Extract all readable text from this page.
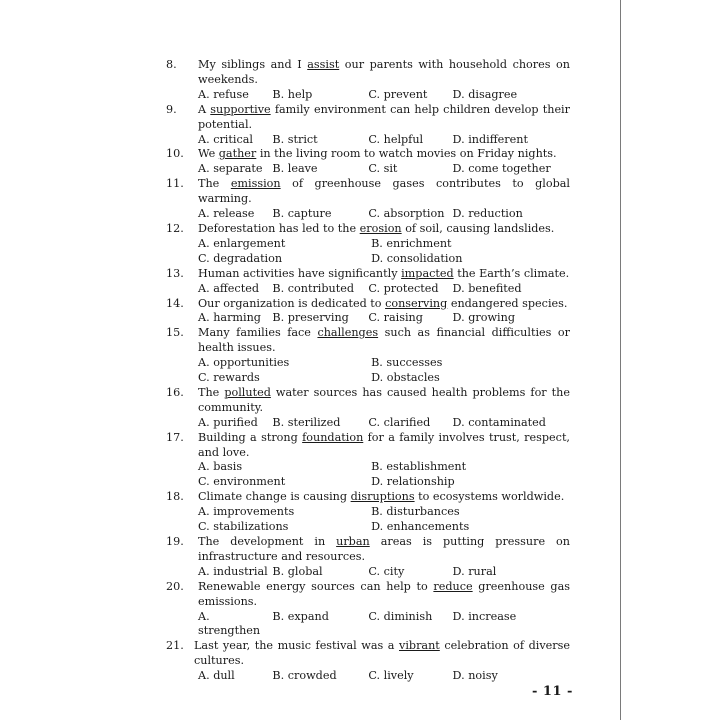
8.	My siblings and I assist our parents with household chores on weekends.

A. refuse	B. help	C. prevent	D. disagree
9.	A supportive family environment can help children develop their potential.

A. critical	B. strict	C. helpful	D. indifferent
10.	We gather in the living room to watch movies on Friday nights.

A. separate B. leave	C. sit	D. come together
11.	The emission of greenhouse gases contributes to global warming.

A. release	B. capture	C. absorption D. reduction
12.	Deforestation has led to the erosion of soil, causing landslides.

A. enlargement	B. enrichment
C. degradation	D. consolidation
13.	Human activities have significantly impacted the Earth’s climate.

A. affected	B. contributed	C. protected	D. benefited
14.	Our organization is dedicated to conserving endangered species.

A. harming	B. preserving	C. raising	D. growing
15.	Many families face challenges such as financial difficulties or health issues.

A. opportunities	B. successes
C. rewards	D. obstacles
16.	The polluted water sources has caused health problems for the community.

A. purified	B. sterilized	C. clarified	D. contaminated
17.	Building a strong foundation for a family involves trust, respect, and love.

A. basis	B. establishment
C. environment	D. relationship
18.	Climate change is causing disruptions to ecosystems worldwide.

A. improvements	B. disturbances
C. stabilizations	D. enhancements
19.	The development in urban areas is putting pressure on infrastructure and resources.

A. industrial B. global	C. city	D. rural
20.	Renewable energy sources can help to reduce greenhouse gas emissions.

A. strengthen
B. expand	C. diminish	D. increase
21. Last year, the music festival was a vibrant celebration of diverse cultures.

A. dull	B. crowded	C. lively	D. noisy
- 11 -
